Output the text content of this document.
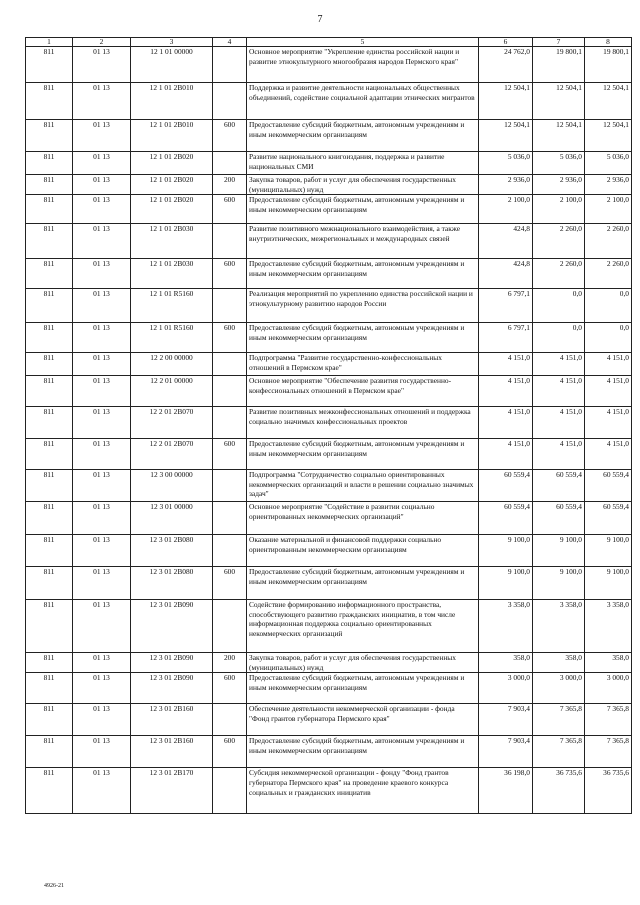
7
1	2	3	4	5	6	7	8
811	01 13	12 1 01 00000		Основное мероприятие "Укрепление единства российской нации и развитие этнокультурного многообразия народов Пермского края"	24 762,0	19 800,1	19 800,1
811	01 13	12 1 01 2B010		Поддержка и развитие деятельности национальных общественных объединений, содействие социальной адаптации этнических мигрантов	12 504,1	12 504,1	12 504,1
811	01 13	12 1 01 2B010	600	Предоставление субсидий бюджетным, автономным учреждениям и иным некоммерческим организациям	12 504,1	12 504,1	12 504,1
811	01 13	12 1 01 2B020		Развитие национального книгоиздания, поддержка и развитие национальных СМИ	5 036,0	5 036,0	5 036,0
811	01 13	12 1 01 2B020	200	Закупка товаров, работ и услуг для обеспечения государственных (муниципальных) нужд	2 936,0	2 936,0	2 936,0
811	01 13	12 1 01 2B020	600	Предоставление субсидий бюджетным, автономным учреждениям и иным некоммерческим организациям	2 100,0	2 100,0	2 100,0
811	01 13	12 1 01 2B030		Развитие позитивного межнационального взаимодействия, а также внутриэтнических, межрегиональных и международных связей	424,8	2 260,0	2 260,0
811	01 13	12 1 01 2B030	600	Предоставление субсидий бюджетным, автономным учреждениям и иным некоммерческим организациям	424,8	2 260,0	2 260,0
811	01 13	12 1 01 R5160		Реализация мероприятий по укреплению единства российской нации и этнокультурному развитию народов России	6 797,1	0,0	0,0
811	01 13	12 1 01 R5160	600	Предоставление субсидий бюджетным, автономным учреждениям и иным некоммерческим организациям	6 797,1	0,0	0,0
811	01 13	12 2 00 00000		Подпрограмма "Развитие государственно-конфессиональных отношений в Пермском крае"	4 151,0	4 151,0	4 151,0
811	01 13	12 2 01 00000		Основное мероприятие "Обеспечение развития государственно-конфессиональных отношений в Пермском крае"	4 151,0	4 151,0	4 151,0
811	01 13	12 2 01 2B070		Развитие позитивных межконфессиональных отношений и поддержка социально значимых конфессиональных проектов	4 151,0	4 151,0	4 151,0
811	01 13	12 2 01 2B070	600	Предоставление субсидий бюджетным, автономным учреждениям и иным некоммерческим организациям	4 151,0	4 151,0	4 151,0
811	01 13	12 3 00 00000		Подпрограмма "Сотрудничество социально ориентированных некоммерческих организаций и власти в решении социально значимых задач"	60 559,4	60 559,4	60 559,4
811	01 13	12 3 01 00000		Основное мероприятие "Содействие в развитии социально ориентированных некоммерческих организаций"	60 559,4	60 559,4	60 559,4
811	01 13	12 3 01 2B080		Оказание материальной и финансовой поддержки социально ориентированным некоммерческим организациям	9 100,0	9 100,0	9 100,0
811	01 13	12 3 01 2B080	600	Предоставление субсидий бюджетным, автономным учреждениям и иным некоммерческим организациям	9 100,0	9 100,0	9 100,0
811	01 13	12 3 01 2B090		Содействие формированию информационного пространства, способствующего развитию гражданских инициатив, в том числе информационная поддержка социально ориентированных некоммерческих организаций	3 358,0	3 358,0	3 358,0
811	01 13	12 3 01 2B090	200	Закупка товаров, работ и услуг для обеспечения государственных (муниципальных) нужд	358,0	358,0	358,0
811	01 13	12 3 01 2B090	600	Предоставление субсидий бюджетным, автономным учреждениям и иным некоммерческим организациям	3 000,0	3 000,0	3 000,0
811	01 13	12 3 01 2B160		Обеспечение деятельности некоммерческой организации - фонда "Фонд грантов губернатора Пермского края"	7 903,4	7 365,8	7 365,8
811	01 13	12 3 01 2B160	600	Предоставление субсидий бюджетным, автономным учреждениям и иным некоммерческим организациям	7 903,4	7 365,8	7 365,8
811	01 13	12 3 01 2B170		Субсидия некоммерческой организации - фонду "Фонд грантов губернатора Пермского края" на проведение краевого конкурса социальных и гражданских инициатив	36 198,0	36 735,6	36 735,6
4926-21
